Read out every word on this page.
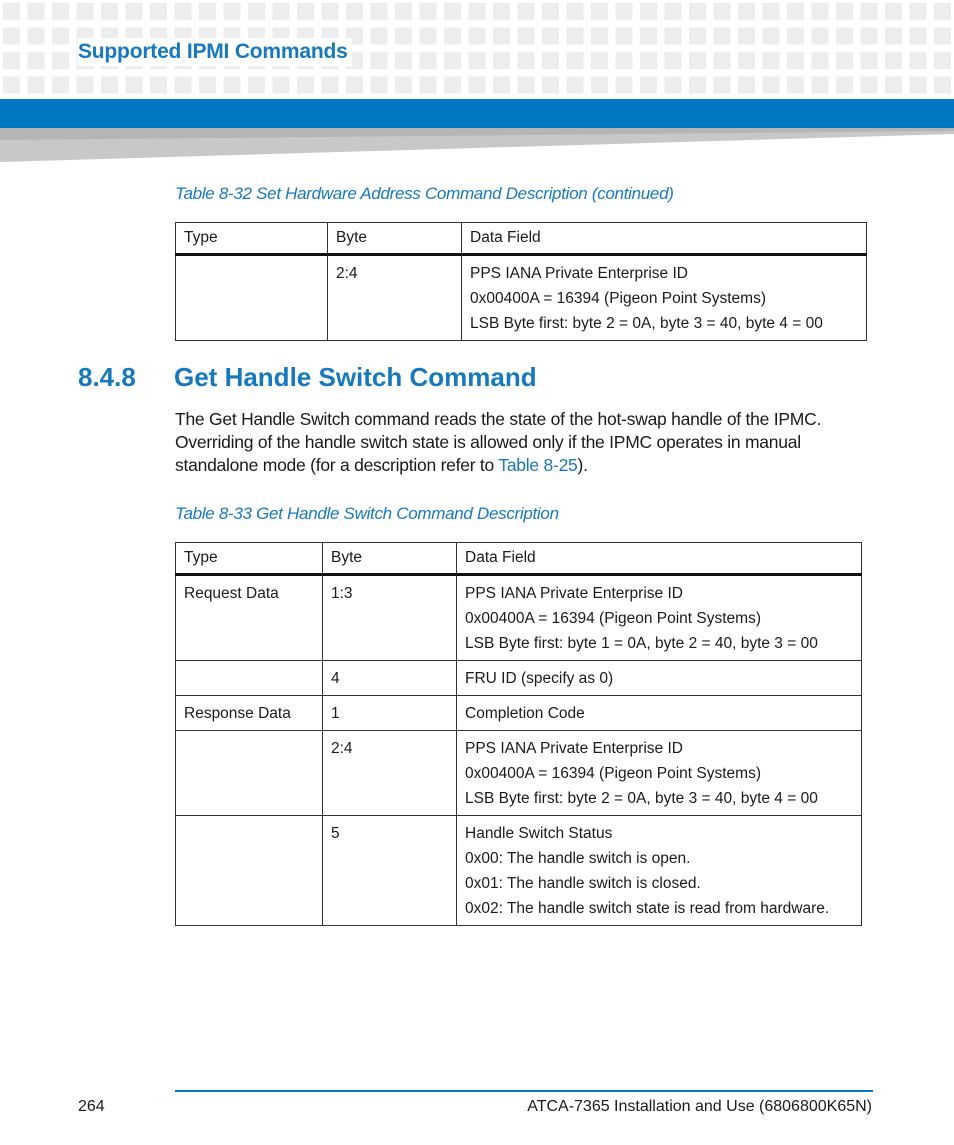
Supported IPMI Commands
Table 8-32 Set Hardware Address Command Description (continued)
Type	Byte	Data Field
	2:4	PPS IANA Private Enterprise ID
0x00400A = 16394 (Pigeon Point Systems)
LSB Byte first: byte 2 = 0A, byte 3 = 40, byte 4 = 00
8.4.8 Get Handle Switch Command
The Get Handle Switch command reads the state of the hot-swap handle of the IPMC. Overriding of the handle switch state is allowed only if the IPMC operates in manual standalone mode (for a description refer to Table 8-25).
Table 8-33 Get Handle Switch Command Description
Type	Byte	Data Field
Request Data	1:3	PPS IANA Private Enterprise ID
0x00400A = 16394 (Pigeon Point Systems)
LSB Byte first: byte 1 = 0A, byte 2 = 40, byte 3 = 00

	4	FRU ID (specify as 0)

Response Data	1	Completion Code

	2:4	PPS IANA Private Enterprise ID
0x00400A = 16394 (Pigeon Point Systems)
LSB Byte first: byte 2 = 0A, byte 3 = 40, byte 4 = 00

	5	Handle Switch Status
0x00: The handle switch is open.
0x01: The handle switch is closed.
0x02: The handle switch state is read from hardware.
264	ATCA-7365 Installation and Use (6806800K65N)
